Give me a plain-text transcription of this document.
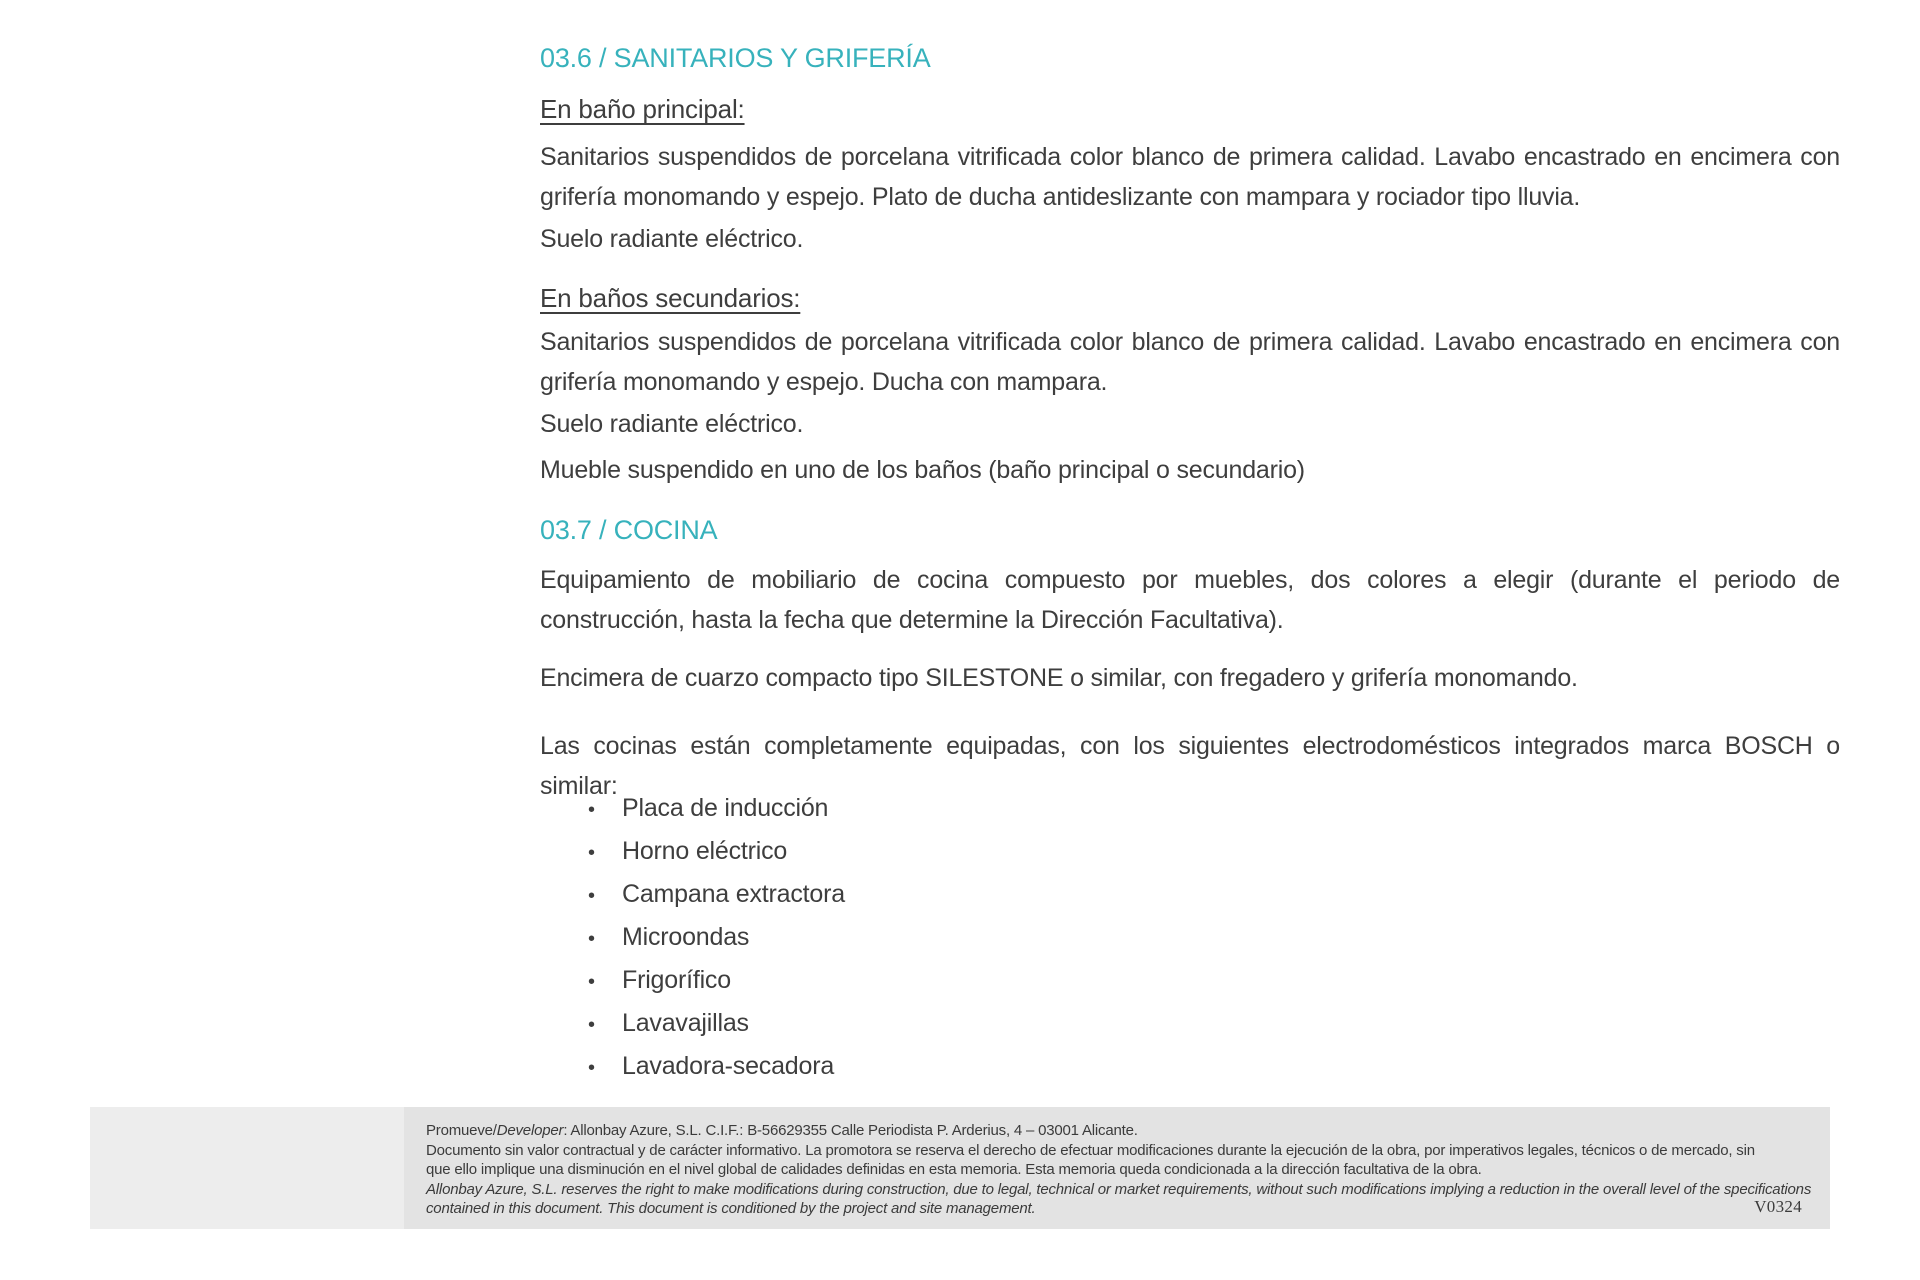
03.6 / SANITARIOS Y GRIFERÍA
En baño principal:

Sanitarios suspendidos de porcelana vitrificada color blanco de primera calidad. Lavabo encastrado en encimera con grifería monomando y espejo. Plato de ducha antideslizante con mampara y rociador tipo lluvia.

Suelo radiante eléctrico.

En baños secundarios:

Sanitarios suspendidos de porcelana vitrificada color blanco de primera calidad. Lavabo encastrado en encimera con grifería monomando y espejo. Ducha con mampara.

Suelo radiante eléctrico.

Mueble suspendido en uno de los baños (baño principal o secundario)

03.7 / COCINA

Equipamiento de mobiliario de cocina compuesto por muebles, dos colores a elegir (durante el periodo de construcción, hasta la fecha que determine la Dirección Facultativa).

Encimera de cuarzo compacto tipo SILESTONE o similar, con fregadero y grifería monomando.

Las cocinas están completamente equipadas, con los siguientes electrodomésticos integrados marca BOSCH o similar:

•	Placa de inducción
•	Horno eléctrico
•	Campana extractora
•	Microondas
•	Frigorífico
•	Lavavajillas
•	Lavadora-secadora
Promueve/Developer: Allonbay Azure, S.L. C.I.F.: B-56629355 Calle Periodista P. Arderius, 4 – 03001 Alicante.
Documento sin valor contractual y de carácter informativo. La promotora se reserva el derecho de efectuar modificaciones durante la ejecución de la obra, por imperativos legales, técnicos o de mercado, sin
que ello implique una disminución en el nivel global de calidades definidas en esta memoria. Esta memoria queda condicionada a la dirección facultativa de la obra.
Allonbay Azure, S.L. reserves the right to make modifications during construction, due to legal, technical or market requirements, without such modifications implying a reduction in the overall level of the specifications
contained in this document. This document is conditioned by the project and site management.	V0324
